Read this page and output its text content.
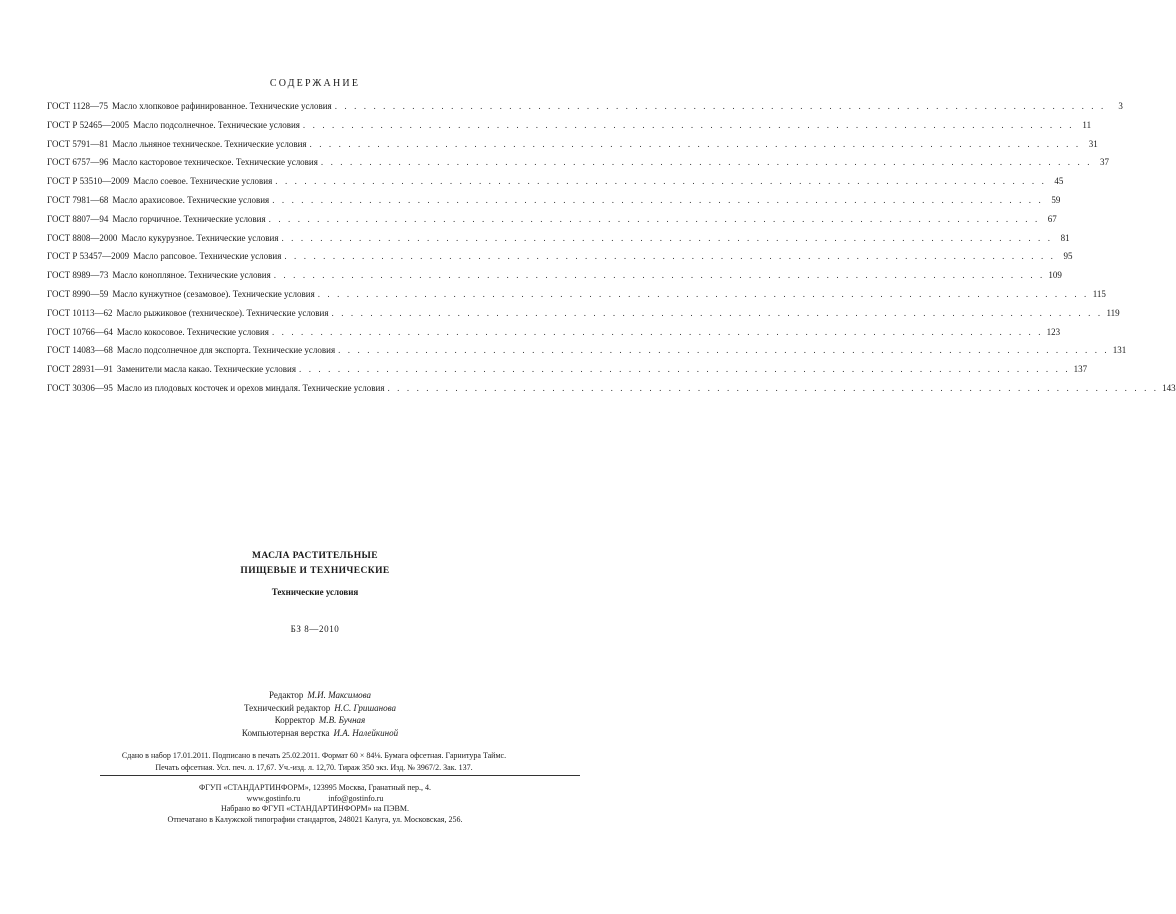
СОДЕРЖАНИЕ
ГОСТ 1128—75 Масло хлопковое рафинированное. Технические условия . . . . . . . . . . . . . . . . . . . . . . . . . . . . . . . . . . . . . . . . . . . . . . . . . . . . . . . . . . . . . . . . . . . . . . . . . . . . . . . .	3
ГОСТ Р 52465—2005 Масло подсолнечное. Технические условия . . . . . . . . . . . . . . . . . . . . . . . . . . . . . . . . . . . . . . . . . . . . . . . . . . . . . . . . . . . . . . . . . . . . . . . . . . . . . . . . 11
ГОСТ 5791—81 Масло льняное техническое. Технические условия . . . . . . . . . . . . . . . . . . . . . . . . . . . . . . . . . . . . . . . . . . . . . . . . . . . . . . . . . . . . . . . . . . . . . . . . . . . . . . . . 31
ГОСТ 6757—96 Масло касторовое техническое. Технические условия . . . . . . . . . . . . . . . . . . . . . . . . . . . . . . . . . . . . . . . . . . . . . . . . . . . . . . . . . . . . . . . . . . . . . . . . . . . . . . . . 37
ГОСТ Р 53510—2009 Масло соевое. Технические условия . . . . . . . . . . . . . . . . . . . . . . . . . . . . . . . . . . . . . . . . . . . . . . . . . . . . . . . . . . . . . . . . . . . . . . . . . . . . . . . . 45
ГОСТ 7981—68 Масло арахисовое. Технические условия . . . . . . . . . . . . . . . . . . . . . . . . . . . . . . . . . . . . . . . . . . . . . . . . . . . . . . . . . . . . . . . . . . . . . . . . . . . . . . . . 59
ГОСТ 8807—94 Масло горчичное. Технические условия . . . . . . . . . . . . . . . . . . . . . . . . . . . . . . . . . . . . . . . . . . . . . . . . . . . . . . . . . . . . . . . . . . . . . . . . . . . . . . . . 67
ГОСТ 8808—2000 Масло кукурузное. Технические условия . . . . . . . . . . . . . . . . . . . . . . . . . . . . . . . . . . . . . . . . . . . . . . . . . . . . . . . . . . . . . . . . . . . . . . . . . . . . . . . . 81
ГОСТ Р 53457—2009 Масло рапсовое. Технические условия . . . . . . . . . . . . . . . . . . . . . . . . . . . . . . . . . . . . . . . . . . . . . . . . . . . . . . . . . . . . . . . . . . . . . . . . . . . . . . . . 95
ГОСТ 8989—73 Масло конопляное. Технические условия . . . . . . . . . . . . . . . . . . . . . . . . . . . . . . . . . . . . . . . . . . . . . . . . . . . . . . . . . . . . . . . . . . . . . . . . . . . . . . . . 109
ГОСТ 8990—59 Масло кунжутное (сезамовое). Технические условия . . . . . . . . . . . . . . . . . . . . . . . . . . . . . . . . . . . . . . . . . . . . . . . . . . . . . . . . . . . . . . . . . . . . . . . . . . . . . . . . 115
ГОСТ 10113—62 Масло рыжиковое (техническое). Технические условия . . . . . . . . . . . . . . . . . . . . . . . . . . . . . . . . . . . . . . . . . . . . . . . . . . . . . . . . . . . . . . . . . . . . . . . . . . . . . . . . 119
ГОСТ 10766—64 Масло кокосовое. Технические условия . . . . . . . . . . . . . . . . . . . . . . . . . . . . . . . . . . . . . . . . . . . . . . . . . . . . . . . . . . . . . . . . . . . . . . . . . . . . . . . . 123
ГОСТ 14083—68 Масло подсолнечное для экспорта. Технические условия . . . . . . . . . . . . . . . . . . . . . . . . . . . . . . . . . . . . . . . . . . . . . . . . . . . . . . . . . . . . . . . . . . . . . . . . . . . . . . . . 131
ГОСТ 28931—91 Заменители масла какао. Технические условия . . . . . . . . . . . . . . . . . . . . . . . . . . . . . . . . . . . . . . . . . . . . . . . . . . . . . . . . . . . . . . . . . . . . . . . . . . . . . . . . 137
ГОСТ 30306—95 Масло из плодовых косточек и орехов миндаля. Технические условия . . . . . . . . . . . . . . . . . . . . . . . . . . . . . . . . . . . . . . . . . . . . . . . . . . . . . . . . . . . . . . . . . . . . . . . . . . . . . . . . 143
МАСЛА РАСТИТЕЛЬНЫЕ
ПИЩЕВЫЕ И ТЕХНИЧЕСКИЕ
Технические условия
БЗ 8—2010
Редактор М.И. Максимова
Технический редактор Н.С. Гришанова
Корректор М.В. Бучная
Компьютерная верстка И.А. Налейкиной
Сдано в набор 17.01.2011. Подписано в печать 25.02.2011. Формат 60 × 84⅛. Бумага офсетная. Гарнитура Таймс.
Печать офсетная. Усл. печ. л. 17,67. Уч.-изд. л. 12,70. Тираж 350 экз. Изд. № 3967/2. Зак. 137.
ФГУП «СТАНДАРТИНФОРМ», 123995 Москва, Гранатный пер., 4.
www.gostinfo.ru	info@gostinfo.ru
Набрано во ФГУП «СТАНДАРТИНФОРМ» на ПЭВМ.
Отпечатано в Калужской типографии стандартов, 248021 Калуга, ул. Московская, 256.
